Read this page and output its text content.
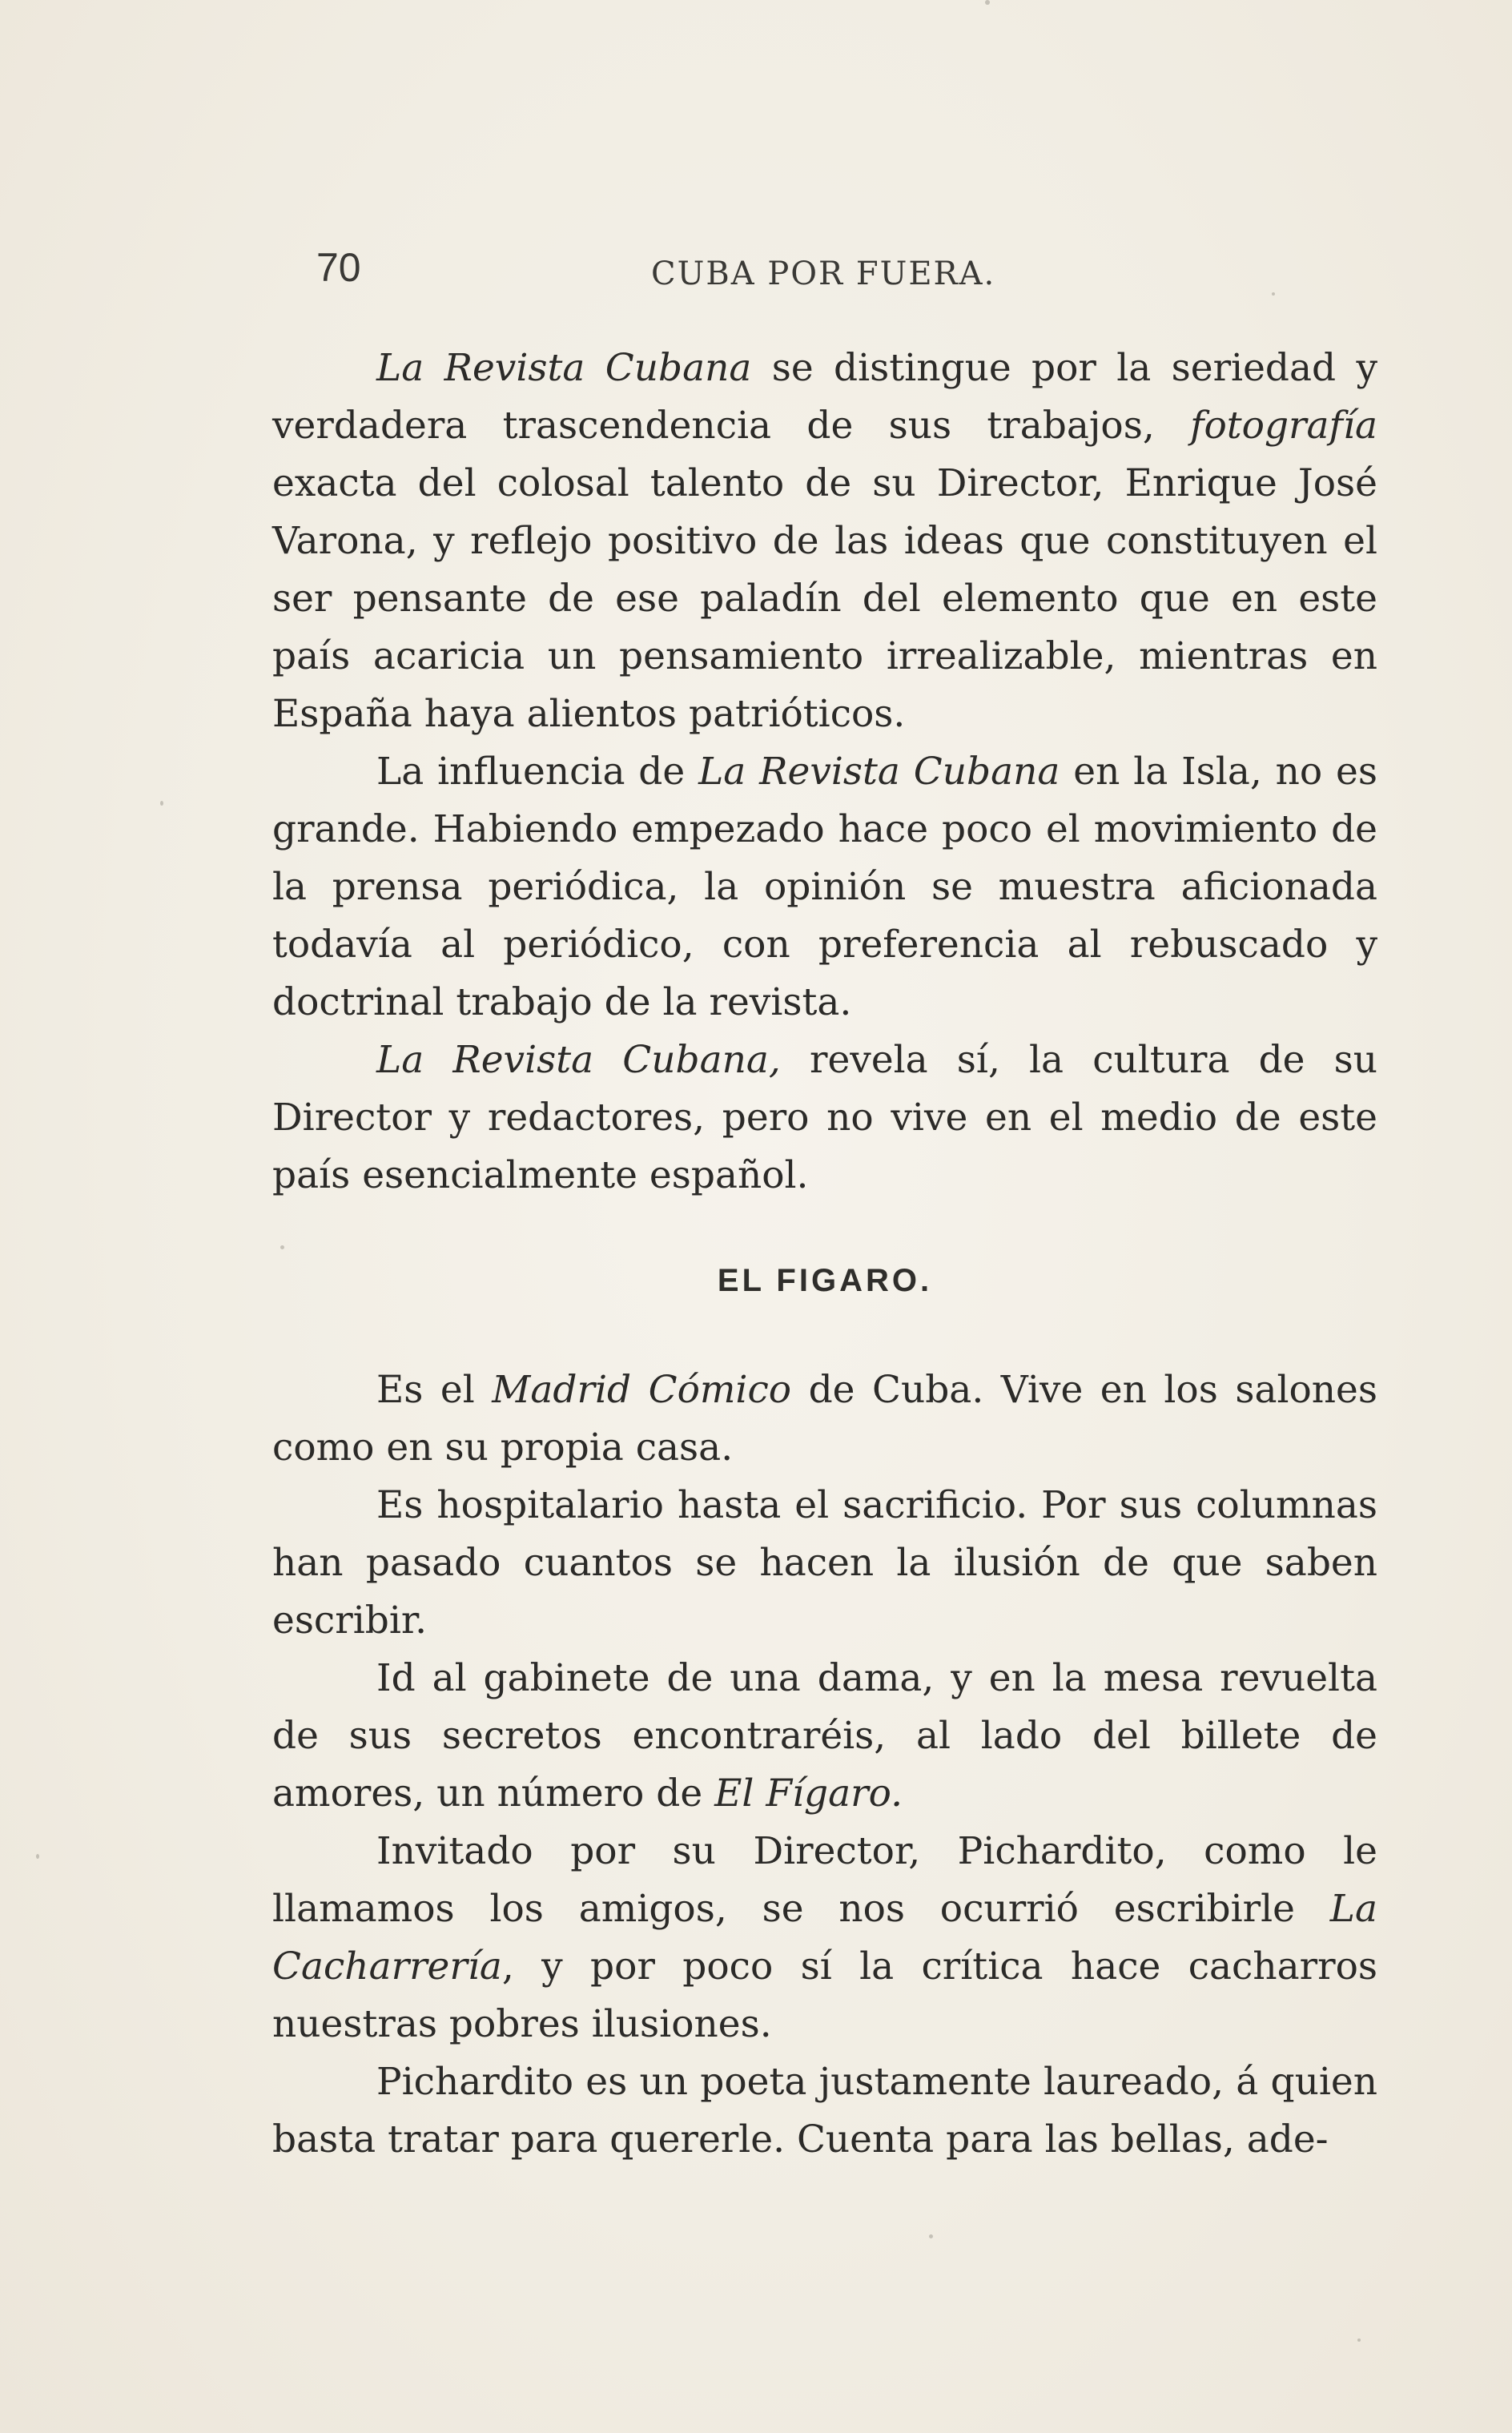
70	CUBA POR FUERA.

La Revista Cubana se distingue por la seriedad y verdadera trascendencia de sus trabajos, fotografía exacta del colosal talento de su Director, Enrique José Varona, y reflejo positivo de las ideas que constituyen el ser pensante de ese paladín del elemento que en este país acaricia un pensamiento irrealizable, mientras en España haya alientos patrióticos.

La influencia de La Revista Cubana en la Isla, no es grande. Habiendo empezado hace poco el movimiento de la prensa periódica, la opinión se muestra aficionada todavía al periódico, con preferencia al rebuscado y doctrinal trabajo de la revista.

La Revista Cubana, revela sí, la cultura de su Director y redactores, pero no vive en el medio de este país esencialmente español.

EL FIGARO.

Es el Madrid Cómico de Cuba. Vive en los salones como en su propia casa.

Es hospitalario hasta el sacrificio. Por sus columnas han pasado cuantos se hacen la ilusión de que saben escribir.

Id al gabinete de una dama, y en la mesa revuelta de sus secretos encontraréis, al lado del billete de amores, un número de El Fígaro.

Invitado por su Director, Pichardito, como le llamamos los amigos, se nos ocurrió escribirle La Cacharrería, y por poco sí la crítica hace cacharros nuestras pobres ilusiones.

Pichardito es un poeta justamente laureado, á quien basta tratar para quererle. Cuenta para las bellas, ade-
